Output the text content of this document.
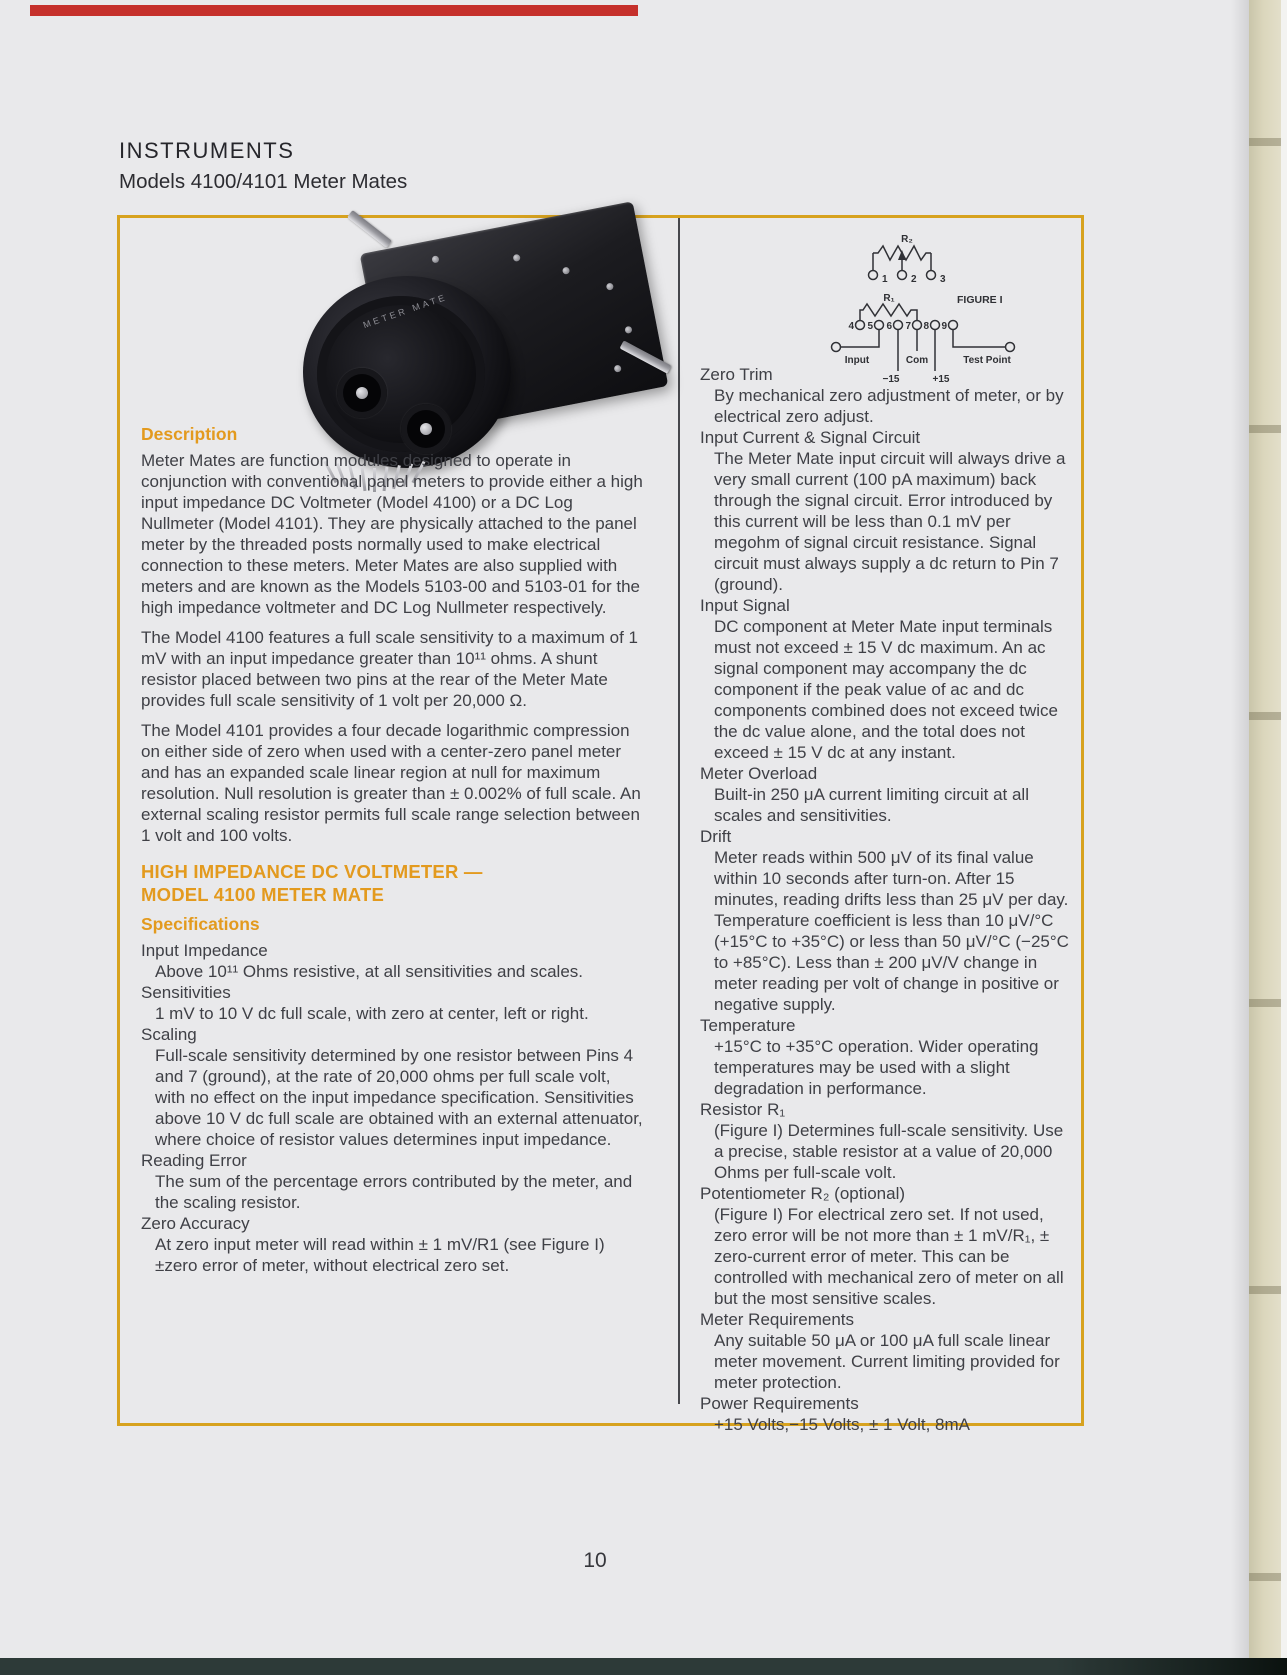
INSTRUMENTS
Models 4100/4101 Meter Mates
METER MATE
R₂
1 2 3
FIGURE I
R₁
4 5 6 7 8 9
Input	Com
−15	+15
Test Point
Description

Meter Mates are function modules designed to operate in conjunction with conventional panel meters to provide either a high input impedance DC Voltmeter (Model 4100) or a DC Log Nullmeter (Model 4101). They are physically attached to the panel meter by the threaded posts normally used to make electrical connection to these meters. Meter Mates are also supplied with meters and are known as the Models 5103-00 and 5103-01 for the high impedance voltmeter and DC Log Nullmeter respectively.

The Model 4100 features a full scale sensitivity to a maximum of 1 mV with an input impedance greater than 10¹¹ ohms. A shunt resistor placed between two pins at the rear of the Meter Mate provides full scale sensitivity of 1 volt per 20,000 Ω.

The Model 4101 provides a four decade logarithmic compression on either side of zero when used with a center-zero panel meter and has an expanded scale linear region at null for maximum resolution. Null resolution is greater than ± 0.002% of full scale. An external scaling resistor permits full scale range selection between 1 volt and 100 volts.

HIGH IMPEDANCE DC VOLTMETER —
MODEL 4100 METER MATE
Specifications
Input Impedance
Above 10¹¹ Ohms resistive, at all sensitivities and scales.
Sensitivities
1 mV to 10 V dc full scale, with zero at center, left or right.
Scaling
Full-scale sensitivity determined by one resistor between Pins 4 and 7 (ground), at the rate of 20,000 ohms per full scale volt, with no effect on the input impedance specification. Sensitivities above 10 V dc full scale are obtained with an external attenuator, where choice of resistor values determines input impedance.
Reading Error
The sum of the percentage errors contributed by the meter, and the scaling resistor.
Zero Accuracy
At zero input meter will read within ± 1 mV/R1 (see Figure I) ±zero error of meter, without electrical zero set.
Zero Trim
By mechanical zero adjustment of meter, or by electrical zero adjust.
Input Current & Signal Circuit
The Meter Mate input circuit will always drive a very small current (100 pA maximum) back through the signal circuit. Error introduced by this current will be less than 0.1 mV per megohm of signal circuit resistance. Signal circuit must always supply a dc return to Pin 7 (ground).
Input Signal
DC component at Meter Mate input terminals must not exceed ± 15 V dc maximum. An ac signal component may accompany the dc component if the peak value of ac and dc components combined does not exceed twice the dc value alone, and the total does not exceed ± 15 V dc at any instant.
Meter Overload
Built-in 250 μA current limiting circuit at all scales and sensitivities.
Drift
Meter reads within 500 μV of its final value within 10 seconds after turn-on. After 15 minutes, reading drifts less than 25 μV per day. Temperature coefficient is less than 10 μV/°C (+15°C to +35°C) or less than 50 μV/°C (−25°C to +85°C). Less than ± 200 μV/V change in meter reading per volt of change in positive or negative supply.
Temperature
+15°C to +35°C operation. Wider operating temperatures may be used with a slight degradation in performance.
Resistor R₁
(Figure I) Determines full-scale sensitivity. Use a precise, stable resistor at a value of 20,000 Ohms per full-scale volt.
Potentiometer R₂ (optional)
(Figure I) For electrical zero set. If not used, zero error will be not more than ± 1 mV/R₁, ± zero-current error of meter. This can be controlled with mechanical zero of meter on all but the most sensitive scales.
Meter Requirements
Any suitable 50 μA or 100 μA full scale linear meter movement. Current limiting provided for meter protection.
Power Requirements
+15 Volts,−15 Volts, ± 1 Volt, 8mA
10
